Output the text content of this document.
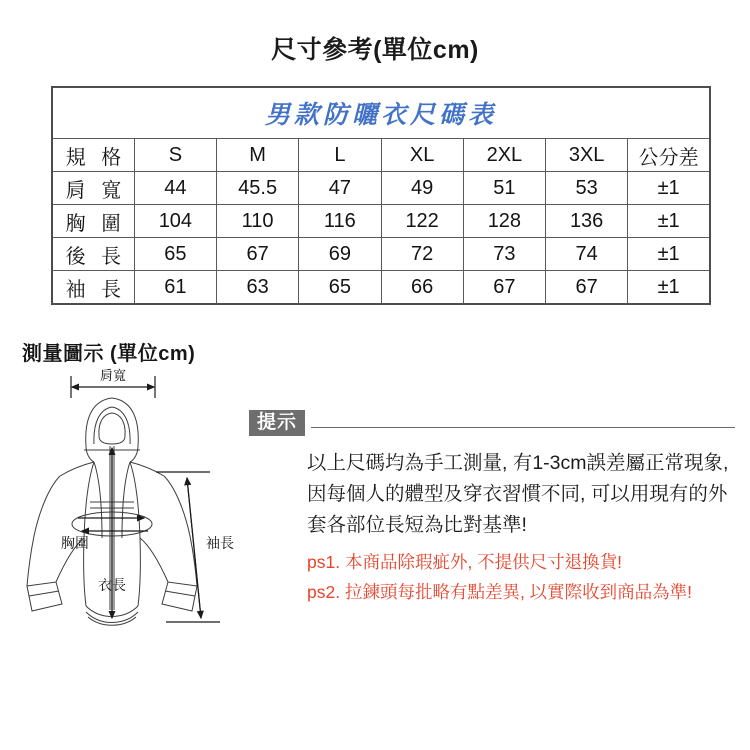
尺寸參考(單位cm)
男款防曬衣尺碼表							
規 格	S	M	L	XL	2XL	3XL	公分差
肩 寬	44	45.5	47	49	51	53	±1
胸 圍	104	110	116	122	128	136	±1
後 長	65	67	69	72	73	74	±1
袖 長	61	63	65	66	67	67	±1
測量圖示 (單位cm)
肩寬
胸圍
衣長
袖長
提示
以上尺碼均為手工測量, 有1-3cm誤差屬正常現象,
因每個人的體型及穿衣習慣不同, 可以用現有的外
套各部位長短為比對基準!
ps1. 本商品除瑕疵外, 不提供尺寸退換貨!
ps2. 拉鍊頭每批略有點差異, 以實際收到商品為準!
